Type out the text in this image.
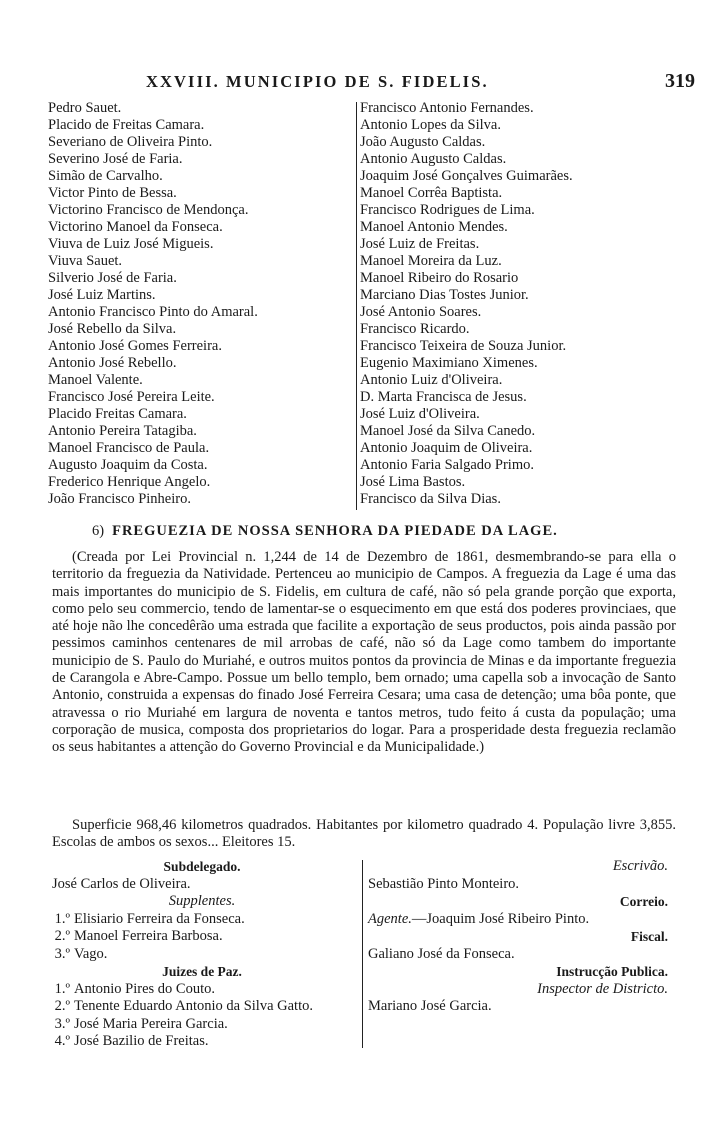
XXVIII. MUNICIPIO DE S. FIDELIS.	319
Pedro Sauet.
Placido de Freitas Camara.
Severiano de Oliveira Pinto.
Severino José de Faria.
Simão de Carvalho.
Victor Pinto de Bessa.
Victorino Francisco de Mendonça.
Victorino Manoel da Fonseca.
Viuva de Luiz José Migueis.
Viuva Sauet.
Silverio José de Faria.
José Luiz Martins.
Antonio Francisco Pinto do Amaral.
José Rebello da Silva.
Antonio José Gomes Ferreira.
Antonio José Rebello.
Manoel Valente.
Francisco José Pereira Leite.
Placido Freitas Camara.
Antonio Pereira Tatagiba.
Manoel Francisco de Paula.
Augusto Joaquim da Costa.
Frederico Henrique Angelo.
João Francisco Pinheiro.
Francisco Antonio Fernandes.
Antonio Lopes da Silva.
João Augusto Caldas.
Antonio Augusto Caldas.
Joaquim José Gonçalves Guimarães.
Manoel Corrêa Baptista.
Francisco Rodrigues de Lima.
Manoel Antonio Mendes.
José Luiz de Freitas.
Manoel Moreira da Luz.
Manoel Ribeiro do Rosario
Marciano Dias Tostes Junior.
José Antonio Soares.
Francisco Ricardo.
Francisco Teixeira de Souza Junior.
Eugenio Maximiano Ximenes.
Antonio Luiz d'Oliveira.
D. Marta Francisca de Jesus.
José Luiz d'Oliveira.
Manoel José da Silva Canedo.
Antonio Joaquim de Oliveira.
Antonio Faria Salgado Primo.
José Lima Bastos.
Francisco da Silva Dias.
6) FREGUEZIA DE NOSSA SENHORA DA PIEDADE DA LAGE.
(Creada por Lei Provincial n. 1,244 de 14 de Dezembro de 1861, desmembrando-se para ella o territorio da freguezia da Natividade. Pertenceu ao municipio de Campos. A freguezia da Lage é uma das mais importantes do municipio de S. Fidelis, em cultura de café, não só pela grande porção que exporta, como pelo seu commercio, tendo de lamentar-se o esquecimento em que está dos poderes provinciaes, que até hoje não lhe concedêrão uma estrada que facilite a exportação de seus productos, pois ainda passão por pessimos caminhos centenares de mil arrobas de café, não só da Lage como tambem do importante municipio de S. Paulo do Muriahé, e outros muitos pontos da provincia de Minas e da importante freguezia de Carangola e Abre-Campo. Possue um bello templo, bem ornado; uma capella sob a invocação de Santo Antonio, construida a expensas do finado José Ferreira Cesara; uma casa de detenção; uma bôa ponte, que atravessa o rio Muriahé em largura de noventa e tantos metros, tudo feito á custa da população; uma corporação de musica, composta dos proprietarios do logar. Para a prosperidade desta freguezia reclamão os seus habitantes a attenção do Governo Provincial e da Municipalidade.)
Superficie 968,46 kilometros quadrados. Habitantes por kilometro quadrado 4. População livre 3,855. Escolas de ambos os sexos... Eleitores 15.
Subdelegado.
José Carlos de Oliveira.
Supplentes.
1.º Elisiario Ferreira da Fonseca.
2.º Manoel Ferreira Barbosa.
3.º Vago.
Juizes de Paz.
1.º Antonio Pires do Couto.
2.º Tenente Eduardo Antonio da Silva Gatto.
3.º José Maria Pereira Garcia.
4.º José Bazilio de Freitas.
Escrivão.
Sebastião Pinto Monteiro.
Correio.
Agente.—Joaquim José Ribeiro Pinto.
Fiscal.
Galiano José da Fonseca.
Instrucção Publica.
Inspector de Districto.
Mariano José Garcia.
